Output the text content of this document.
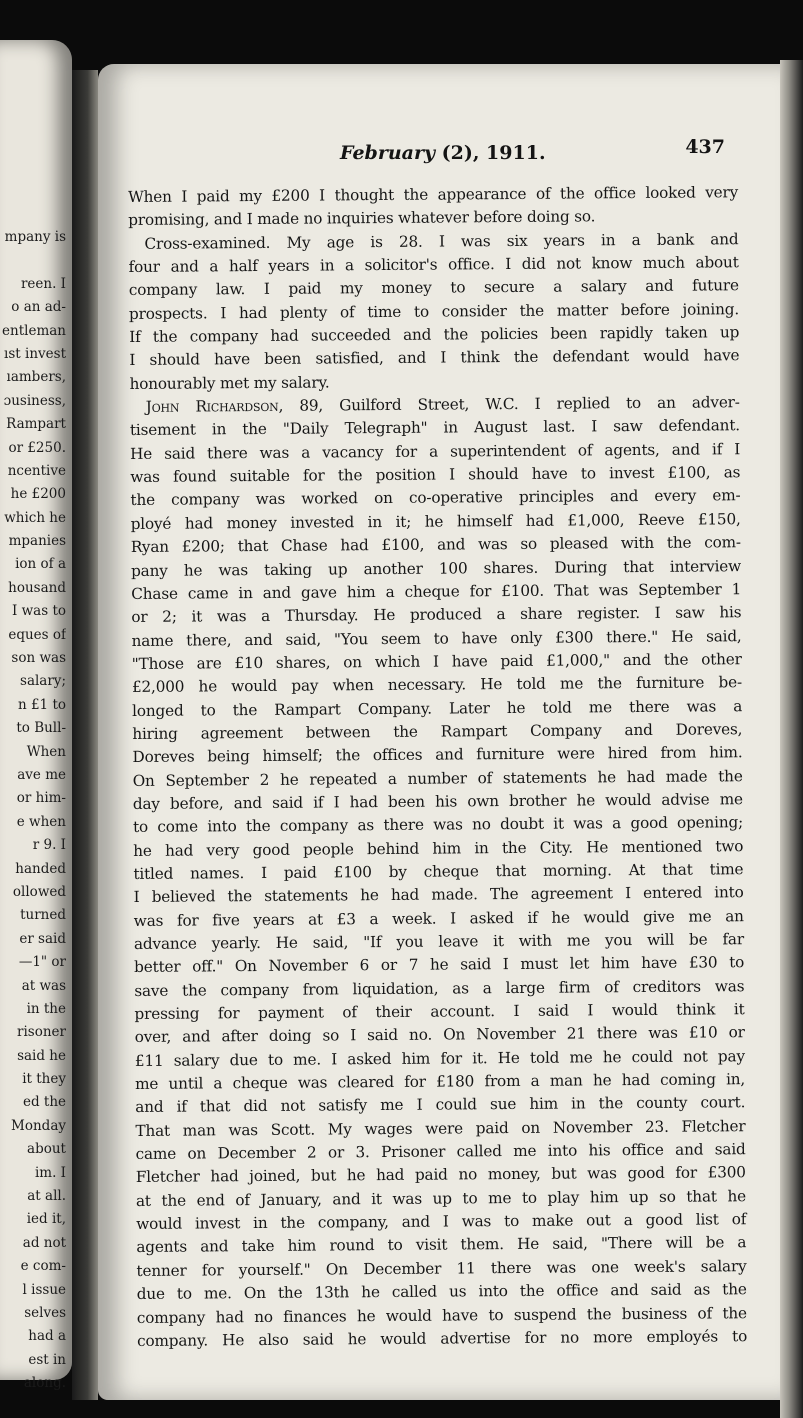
mpany is
reen. I
o an ad-
entleman
ıst invest
ıambers,
ɔusiness,
Rampart
or £250.
ncentive
he £200
which he
mpanies
ion of a
housand
I was to
eques of
son was
salary;
n £1 to
to Bull-
When
ave me
or him-
e when
r 9. I
handed
ollowed
turned
er said
—1" or
at was
in the
risoner
said he
it they
ed the
Monday
about
im. I
at all.
ied it,
ad not
e com-
l issue
selves
had a
est in
along.
February (2), 1911.	437
When I paid my £200 I thought the appearance of the office looked very
promising, and I made no inquiries whatever before doing so.
Cross-examined. My age is 28. I was six years in a bank and
four and a half years in a solicitor's office. I did not know much about
company law. I paid my money to secure a salary and future
prospects. I had plenty of time to consider the matter before joining.
If the company had succeeded and the policies been rapidly taken up
I should have been satisfied, and I think the defendant would have
honourably met my salary.
John Richardson, 89, Guilford Street, W.C. I replied to an adver-
tisement in the "Daily Telegraph" in August last. I saw defendant.
He said there was a vacancy for a superintendent of agents, and if I
was found suitable for the position I should have to invest £100, as
the company was worked on co-operative principles and every em-
ployé had money invested in it; he himself had £1,000, Reeve £150,
Ryan £200; that Chase had £100, and was so pleased with the com-
pany he was taking up another 100 shares. During that interview
Chase came in and gave him a cheque for £100. That was September 1
or 2; it was a Thursday. He produced a share register. I saw his
name there, and said, "You seem to have only £300 there." He said,
"Those are £10 shares, on which I have paid £1,000," and the other
£2,000 he would pay when necessary. He told me the furniture be-
longed to the Rampart Company. Later he told me there was a
hiring agreement between the Rampart Company and Doreves,
Doreves being himself; the offices and furniture were hired from him.
On September 2 he repeated a number of statements he had made the
day before, and said if I had been his own brother he would advise me
to come into the company as there was no doubt it was a good opening;
he had very good people behind him in the City. He mentioned two
titled names. I paid £100 by cheque that morning. At that time
I believed the statements he had made. The agreement I entered into
was for five years at £3 a week. I asked if he would give me an
advance yearly. He said, "If you leave it with me you will be far
better off." On November 6 or 7 he said I must let him have £30 to
save the company from liquidation, as a large firm of creditors was
pressing for payment of their account. I said I would think it
over, and after doing so I said no. On November 21 there was £10 or
£11 salary due to me. I asked him for it. He told me he could not pay
me until a cheque was cleared for £180 from a man he had coming in,
and if that did not satisfy me I could sue him in the county court.
That man was Scott. My wages were paid on November 23. Fletcher
came on December 2 or 3. Prisoner called me into his office and said
Fletcher had joined, but he had paid no money, but was good for £300
at the end of January, and it was up to me to play him up so that he
would invest in the company, and I was to make out a good list of
agents and take him round to visit them. He said, "There will be a
tenner for yourself." On December 11 there was one week's salary
due to me. On the 13th he called us into the office and said as the
company had no finances he would have to suspend the business of the
company. He also said he would advertise for no more employés to
